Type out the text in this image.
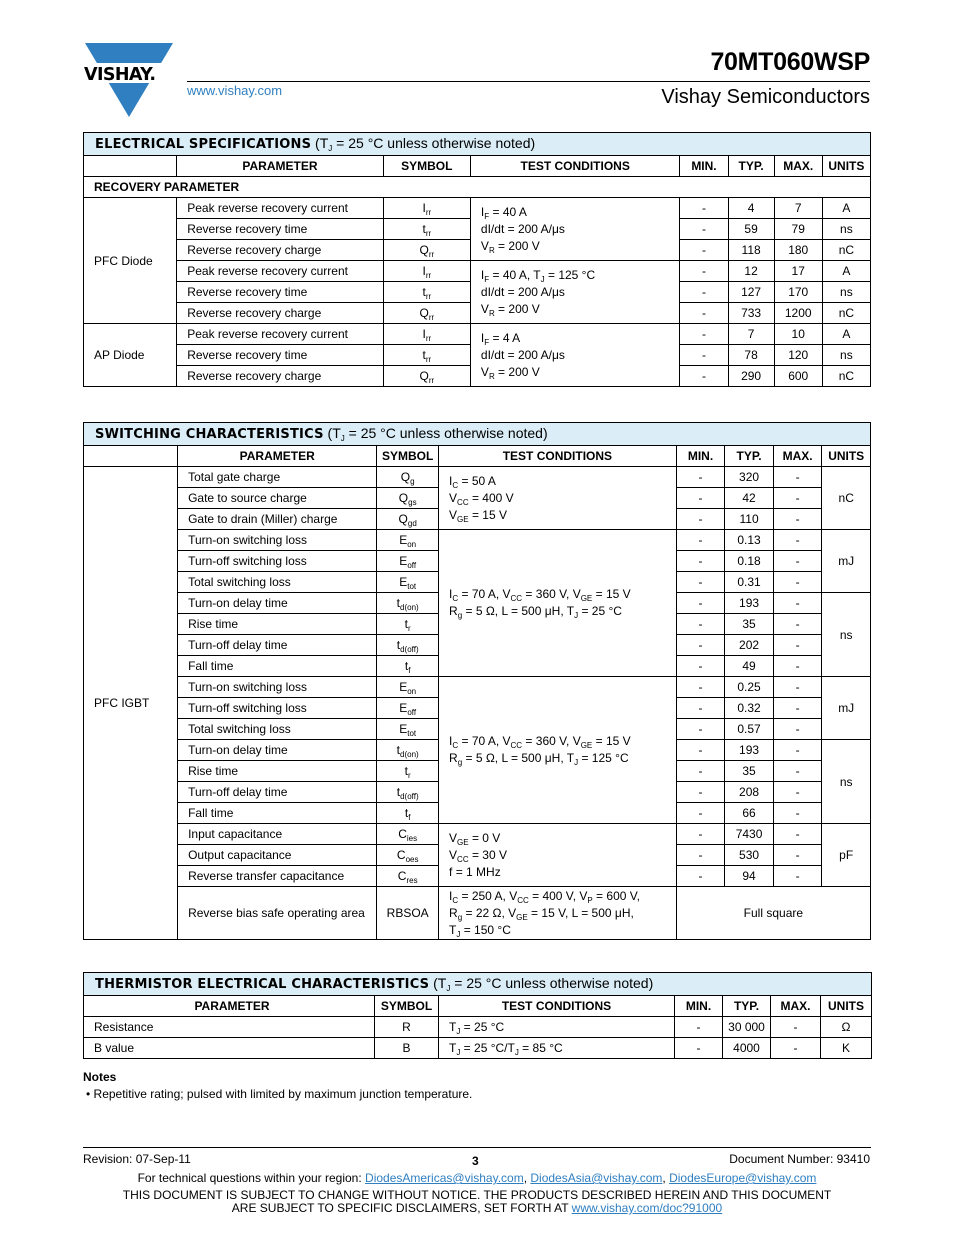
VISHAY.
www.vishay.com
70MT060WSP
Vishay Semiconductors
ELECTRICAL SPECIFICATIONS ($T_J = 25$ °C unless otherwise noted)							
	PARAMETER	SYMBOL	TEST CONDITIONS	MIN.	TYP.	MAX.	UNITS
RECOVERY PARAMETER							
PFC Diode	Peak reverse recovery current	$I_{rr}$	$I_F = 40$ A
dI/dt = 200 A/μs
$V_R = 200$ V	-	4	7	A
	Reverse recovery time	$t_{rr}$		-	59	79	ns
	Reverse recovery charge	$Q_{rr}$		-	118	180	nC
	Peak reverse recovery current	$I_{rr}$	$I_F = 40$ A, $T_J = 125$ °C
dI/dt = 200 A/μs
$V_R = 200$ V	-	12	17	A
	Reverse recovery time	$t_{rr}$		-	127	170	ns
	Reverse recovery charge	$Q_{rr}$		-	733	1200	nC
AP Diode	Peak reverse recovery current	$I_{rr}$	$I_F = 4$ A
dI/dt = 200 A/μs
$V_R = 200$ V	-	7	10	A
	Reverse recovery time	$t_{rr}$		-	78	120	ns
	Reverse recovery charge	$Q_{rr}$		-	290	600	nC
SWITCHING CHARACTERISTICS ($T_J = 25$ °C unless otherwise noted)							
	PARAMETER	SYMBOL	TEST CONDITIONS	MIN.	TYP.	MAX.	UNITS
PFC IGBT	Total gate charge	$Q_g$	$I_C = 50$ A
$V_{CC} = 400$ V
$V_{GE} = 15$ V	-	320	-	nC
	Gate to source charge	$Q_{gs}$		-	42	-	
	Gate to drain (Miller) charge	$Q_{gd}$		-	110	-	
	Turn-on switching loss	$E_{on}$	$I_C = 70$ A, $V_{CC} = 360$ V, $V_{GE} = 15$ V
$R_g = 5$ Ω, L = 500 μH, $T_J = 25$ °C	-	0.13	-	mJ
	Turn-off switching loss	$E_{off}$		-	0.18	-	
	Total switching loss	$E_{tot}$		-	0.31	-	
	Turn-on delay time	$t_{d(on)}$		-	193	-	ns
	Rise time	$t_r$		-	35	-	
	Turn-off delay time	$t_{d(off)}$		-	202	-	
	Fall time	$t_f$		-	49	-	
	Turn-on switching loss	$E_{on}$	$I_C = 70$ A, $V_{CC} = 360$ V, $V_{GE} = 15$ V
$R_g = 5$ Ω, L = 500 μH, $T_J = 125$ °C	-	0.25	-	mJ
	Turn-off switching loss	$E_{off}$		-	0.32	-	
	Total switching loss	$E_{tot}$		-	0.57	-	
	Turn-on delay time	$t_{d(on)}$		-	193	-	ns
	Rise time	$t_r$		-	35	-	
	Turn-off delay time	$t_{d(off)}$		-	208	-	
	Fall time	$t_f$		-	66	-	
	Input capacitance	$C_{ies}$	$V_{GE} = 0$ V
$V_{CC} = 30$ V
f = 1 MHz	-	7430	-	pF
	Output capacitance	$C_{oes}$		-	530	-	
	Reverse transfer capacitance	$C_{res}$		-	94	-	
	Reverse bias safe operating area	RBSOA	$I_C = 250$ A, $V_{CC} = 400$ V, $V_P = 600$ V,
$R_g = 22$ Ω, $V_{GE} = 15$ V, L = 500 μH,
$T_J = 150$ °C	Full square			
THERMISTOR ELECTRICAL CHARACTERISTICS ($T_J = 25$ °C unless otherwise noted)						
PARAMETER	SYMBOL	TEST CONDITIONS	MIN.	TYP.	MAX.	UNITS
Resistance	R	$T_J = 25$ °C	-	30 000	-	Ω
B value	B	$T_J = 25$ $^\circ C/T_J = 85$ °C	-	4000	-	K
Notes
• Repetitive rating; pulsed with limited by maximum junction temperature.
Revision: 07-Sep-11	3	Document Number: 93410
For technical questions within your region: DiodesAmericas@vishay.com, DiodesAsia@vishay.com, DiodesEurope@vishay.com
THIS DOCUMENT IS SUBJECT TO CHANGE WITHOUT NOTICE. THE PRODUCTS DESCRIBED HEREIN AND THIS DOCUMENT
ARE SUBJECT TO SPECIFIC DISCLAIMERS, SET FORTH AT www.vishay.com/doc?91000
